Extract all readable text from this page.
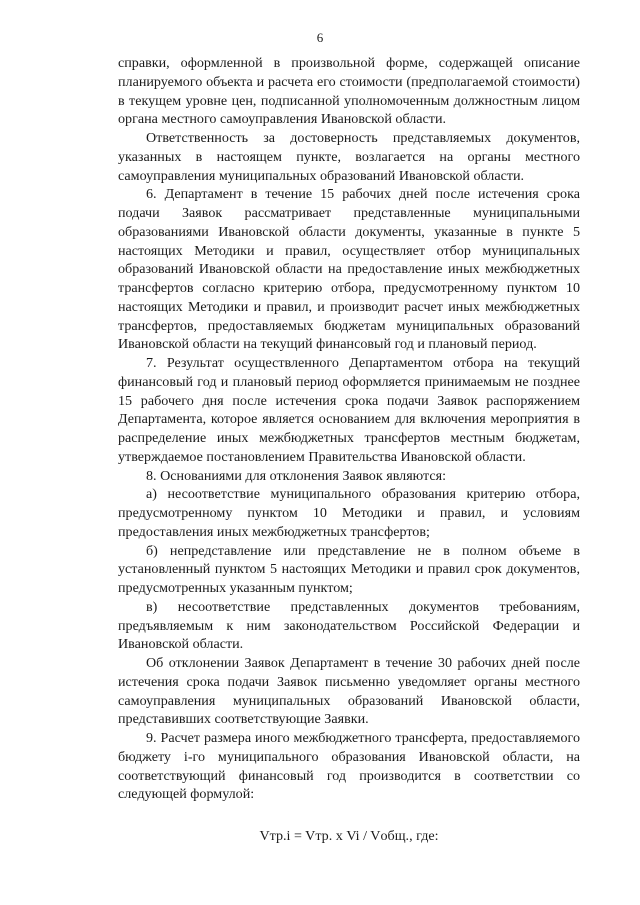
6

справки, оформленной в произвольной форме, содержащей описание планируемого объекта и расчета его стоимости (предполагаемой стоимости) в текущем уровне цен, подписанной уполномоченным должностным лицом органа местного самоуправления Ивановской области.

Ответственность за достоверность представляемых документов, указанных в настоящем пункте, возлагается на органы местного самоуправления муниципальных образований Ивановской области.

6. Департамент в течение 15 рабочих дней после истечения срока подачи Заявок рассматривает представленные муниципальными образованиями Ивановской области документы, указанные в пункте 5 настоящих Методики и правил, осуществляет отбор муниципальных образований Ивановской области на предоставление иных межбюджетных трансфертов согласно критерию отбора, предусмотренному пунктом 10 настоящих Методики и правил, и производит расчет иных межбюджетных трансфертов, предоставляемых бюджетам муниципальных образований Ивановской области на текущий финансовый год и плановый период.

7. Результат осуществленного Департаментом отбора на текущий финансовый год и плановый период оформляется принимаемым не позднее 15 рабочего дня после истечения срока подачи Заявок распоряжением Департамента, которое является основанием для включения мероприятия в распределение иных межбюджетных трансфертов местным бюджетам, утверждаемое постановлением Правительства Ивановской области.

8. Основаниями для отклонения Заявок являются:

а) несоответствие муниципального образования критерию отбора, предусмотренному пунктом 10 Методики и правил, и условиям предоставления иных межбюджетных трансфертов;

б) непредставление или представление не в полном объеме в установленный пунктом 5 настоящих Методики и правил срок документов, предусмотренных указанным пунктом;

в) несоответствие представленных документов требованиям, предъявляемым к ним законодательством Российской Федерации и Ивановской области.

Об отклонении Заявок Департамент в течение 30 рабочих дней после истечения срока подачи Заявок письменно уведомляет органы местного самоуправления муниципальных образований Ивановской области, представивших соответствующие Заявки.

9. Расчет размера иного межбюджетного трансферта, предоставляемого бюджету i-го муниципального образования Ивановской области, на соответствующий финансовый год производится в соответствии со следующей формулой:

Vтр.i = Vтр. х Vi / Vобщ., где:
